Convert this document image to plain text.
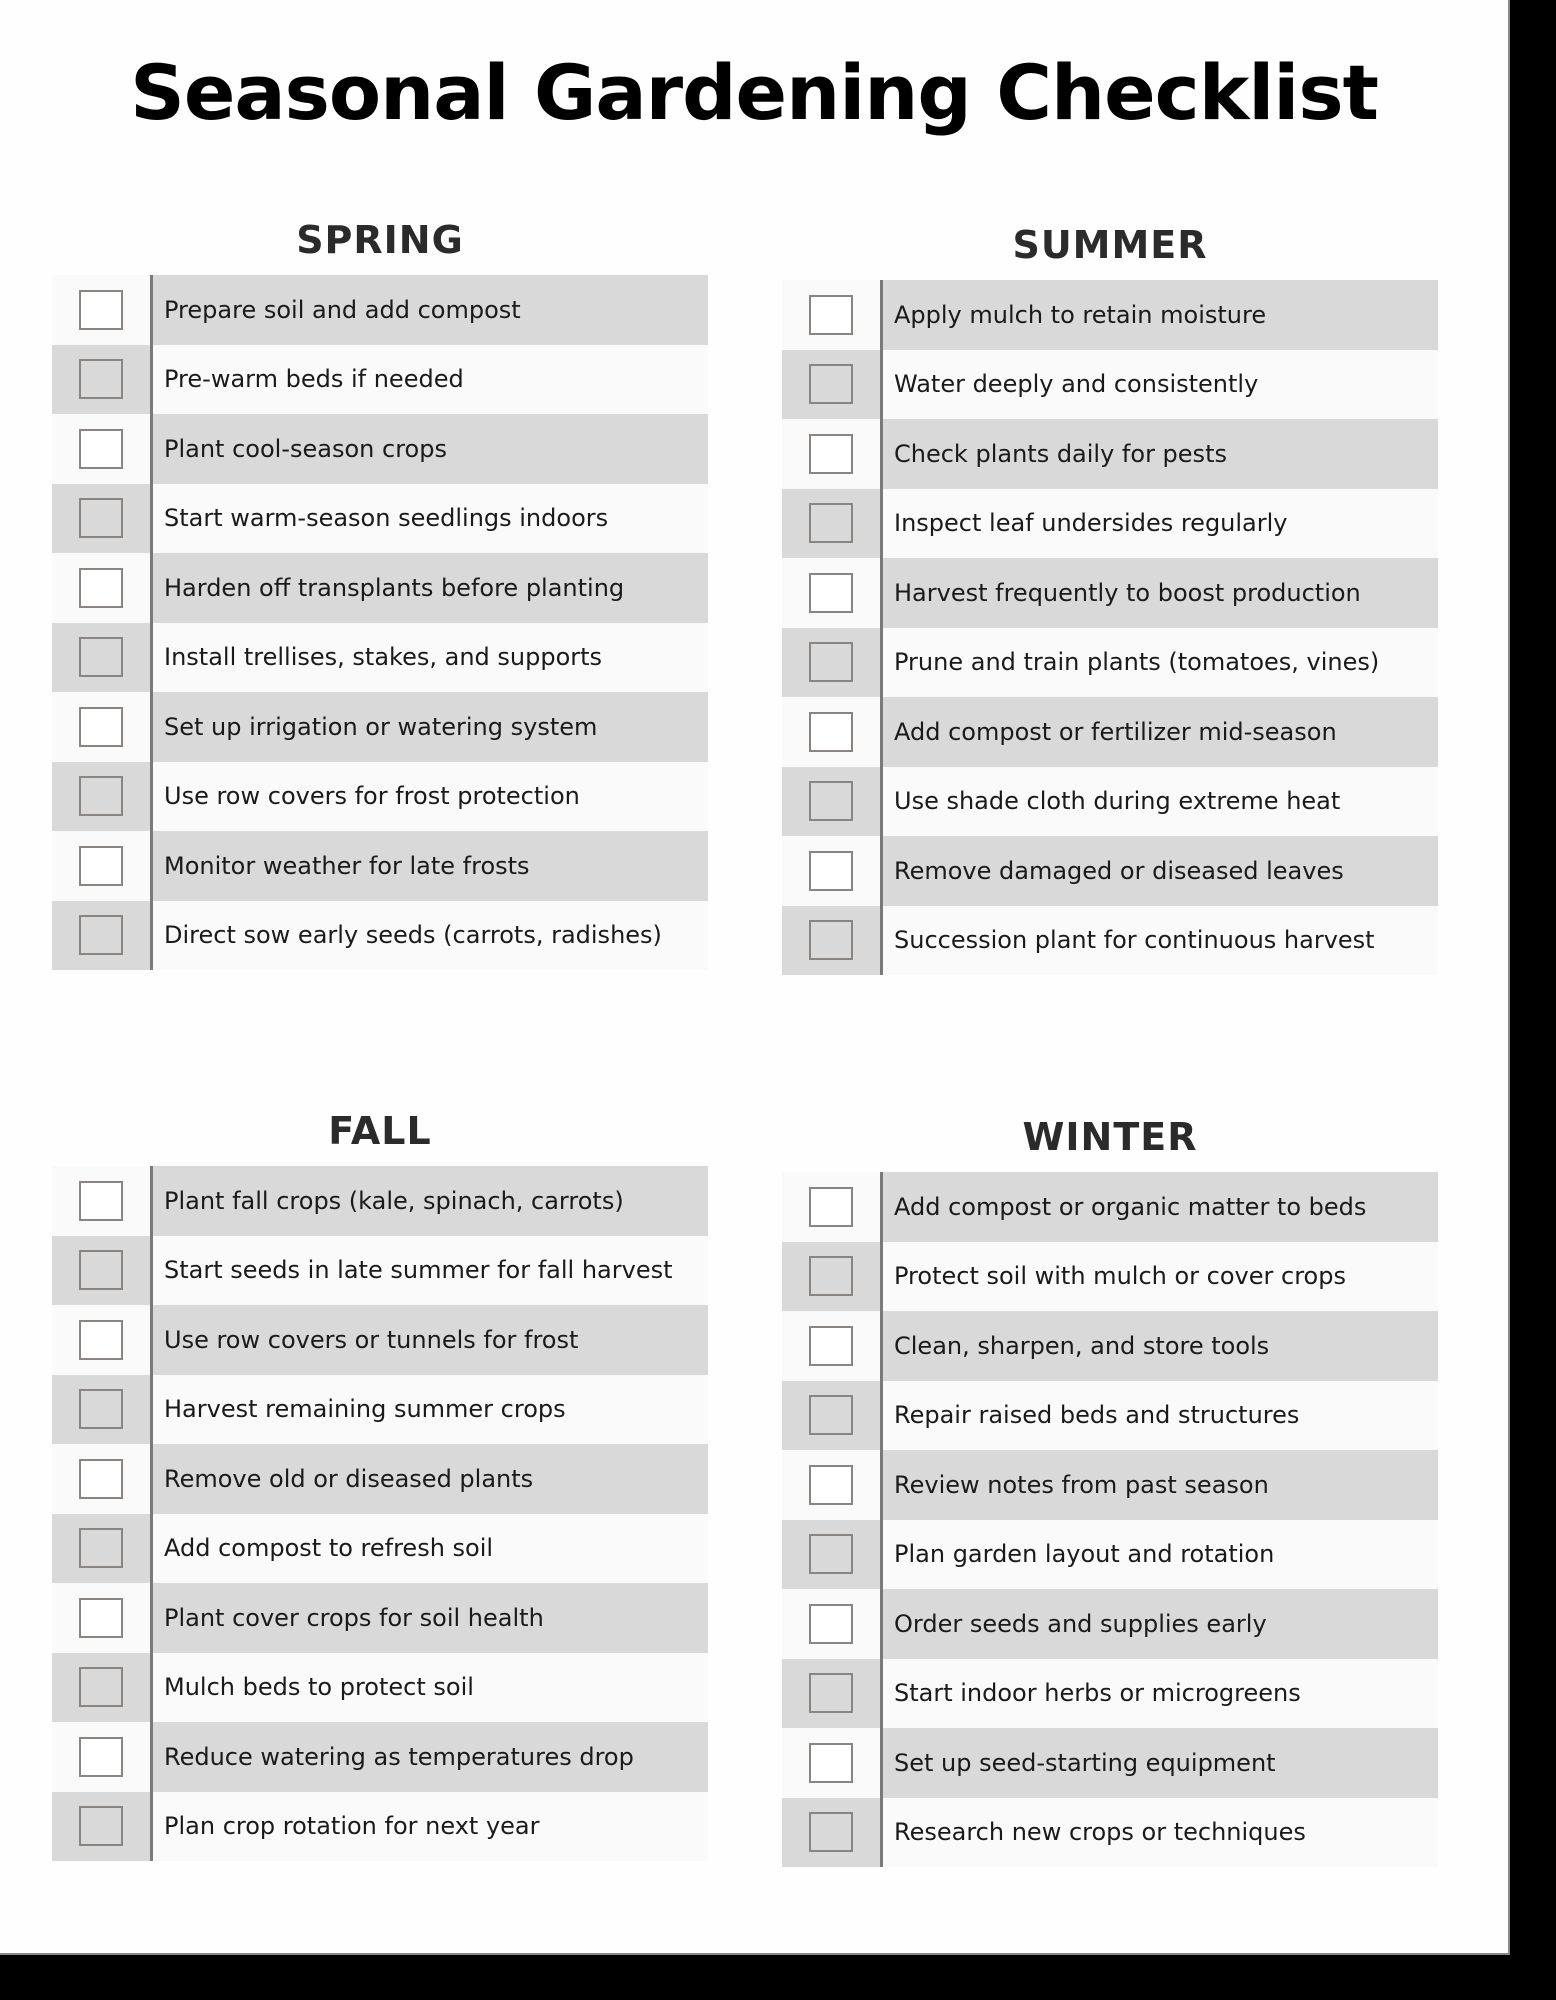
Seasonal Gardening Checklist
SPRING
Prepare soil and add compost
Pre-warm beds if needed
Plant cool-season crops
Start warm-season seedlings indoors
Harden off transplants before planting
Install trellises, stakes, and supports
Set up irrigation or watering system
Use row covers for frost protection
Monitor weather for late frosts
Direct sow early seeds (carrots, radishes)
SUMMER
Apply mulch to retain moisture
Water deeply and consistently
Check plants daily for pests
Inspect leaf undersides regularly
Harvest frequently to boost production
Prune and train plants (tomatoes, vines)
Add compost or fertilizer mid-season
Use shade cloth during extreme heat
Remove damaged or diseased leaves
Succession plant for continuous harvest
FALL
Plant fall crops (kale, spinach, carrots)
Start seeds in late summer for fall harvest
Use row covers or tunnels for frost
Harvest remaining summer crops
Remove old or diseased plants
Add compost to refresh soil
Plant cover crops for soil health
Mulch beds to protect soil
Reduce watering as temperatures drop
Plan crop rotation for next year
WINTER
Add compost or organic matter to beds
Protect soil with mulch or cover crops
Clean, sharpen, and store tools
Repair raised beds and structures
Review notes from past season
Plan garden layout and rotation
Order seeds and supplies early
Start indoor herbs or microgreens
Set up seed-starting equipment
Research new crops or techniques
